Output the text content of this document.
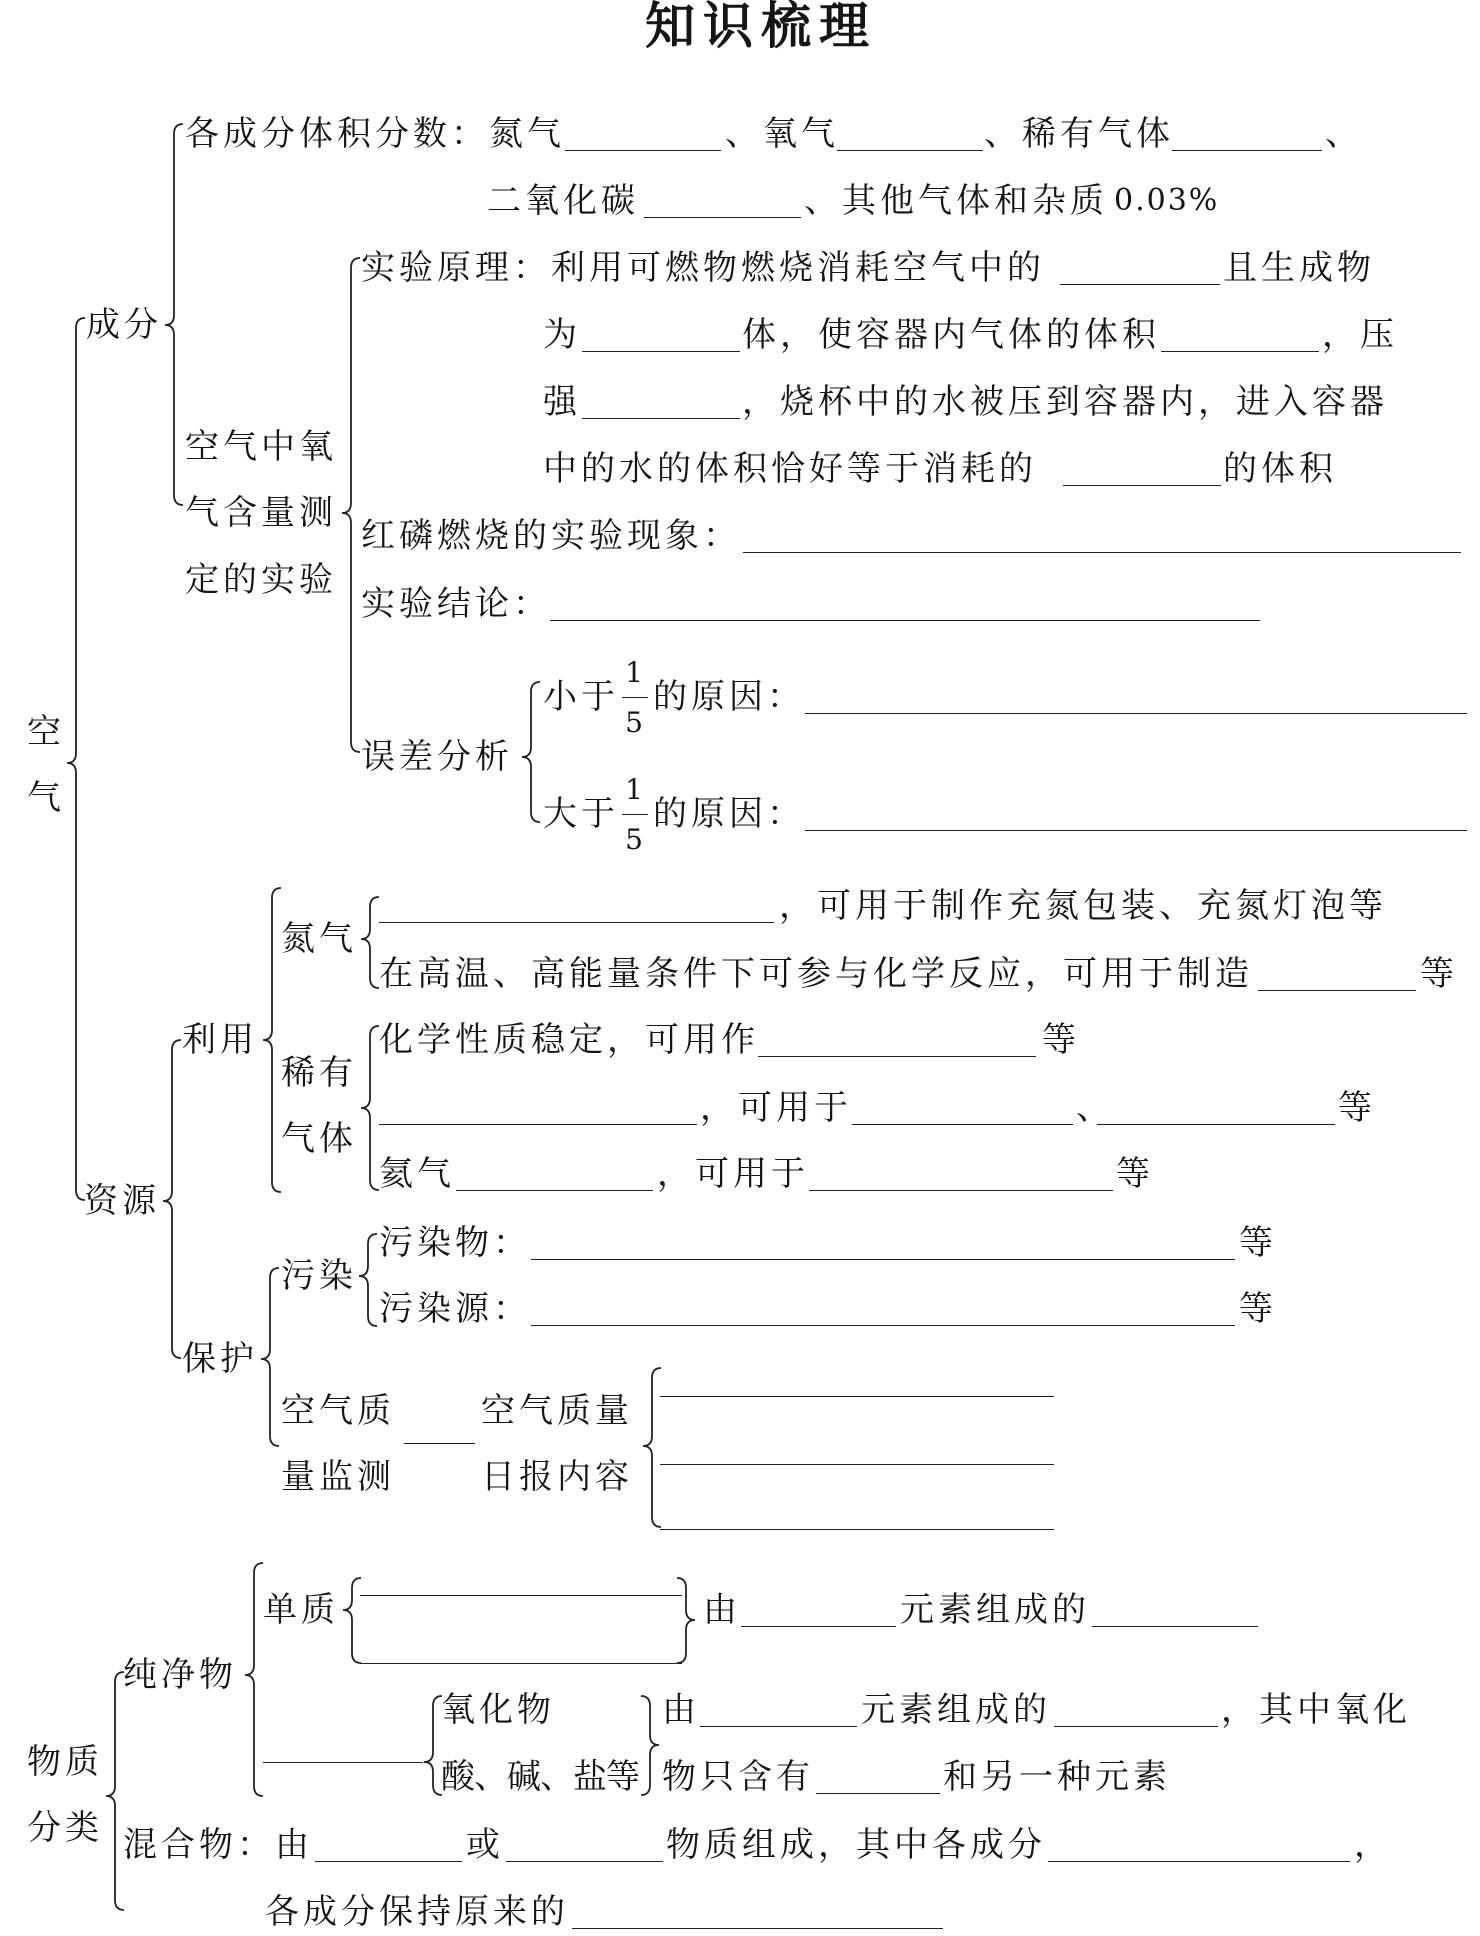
知识梳理
空
气
成分
各成分体积分数：氮气	、氧气	、稀有气体	、
二氧化碳	、其他气体和杂质 0.03%
空气中氧
气含量测
定的实验
实验原理：利用可燃物燃烧消耗空气中的	且生成物
为	体，使容器内气体的体积	，压
强	，烧杯中的水被压到容器内，进入容器
中的水的体积恰好等于消耗的	的体积
红磷燃烧的实验现象：
实验结论：
误差分析
小于
1
5
的原因：
大于
1
5
的原因：
资源
利用
氮气
，可用于制作充氮包装、充氮灯泡等
在高温、高能量条件下可参与化学反应，可用于制造	等
稀有
气体
化学性质稳定，可用作	等
，可用于	、	等
氦气	，可用于	等
保护
污染
污染物：	等
污染源：	等
空气质
量监测
空气质量
日报内容
物质
分类
纯净物
单质	由	元素组成的
氧化物
酸、碱、盐等
由	元素组成的	，其中氧化
物只含有	和另一种元素
混合物：由	或	物质组成，其中各成分	，
各成分保持原来的
